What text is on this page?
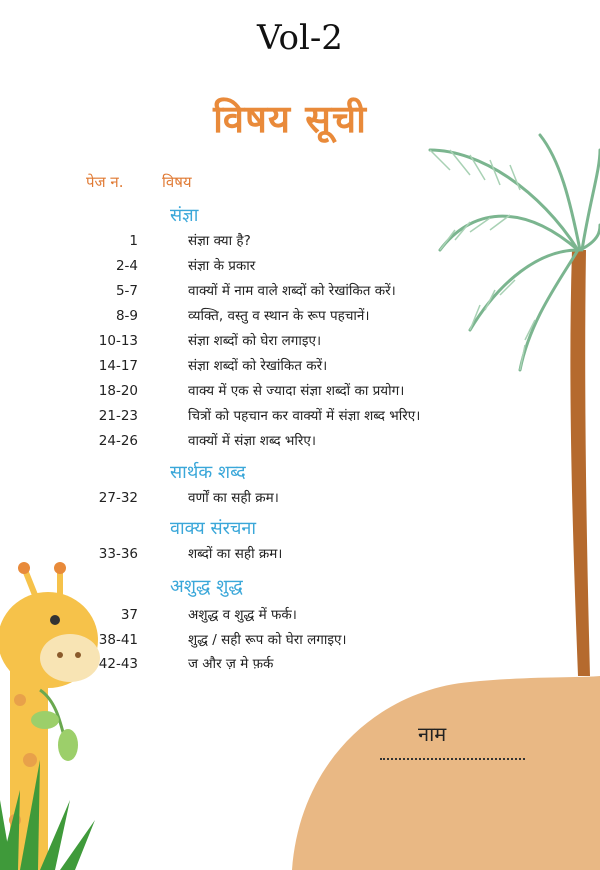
Vol-2
विषय सूची
पेज न.	विषय
संज्ञा
1	संज्ञा क्या है?
2-4	संज्ञा के प्रकार
5-7	वाक्यों में नाम वाले शब्दों को रेखांकित करें।
8-9	व्यक्ति, वस्तु व स्थान के रूप पहचानें।
10-13	संज्ञा शब्दों को घेरा लगाइए।
14-17	संज्ञा शब्दों को रेखांकित करें।
18-20	वाक्य में एक से ज्यादा संज्ञा शब्दों का प्रयोग।
21-23	चित्रों को पहचान कर वाक्यों में संज्ञा शब्द भरिए।
24-26	वाक्यों में संज्ञा शब्द भरिए।
सार्थक शब्द
27-32	वर्णों का सही क्रम।
वाक्य संरचना
33-36	शब्दों का सही क्रम।
अशुद्ध शुद्ध
37	अशुद्ध व शुद्ध में फर्क।
38-41	शुद्ध / सही रूप को घेरा लगाइए।
42-43	ज और ज़ मे फ़र्क
नाम
